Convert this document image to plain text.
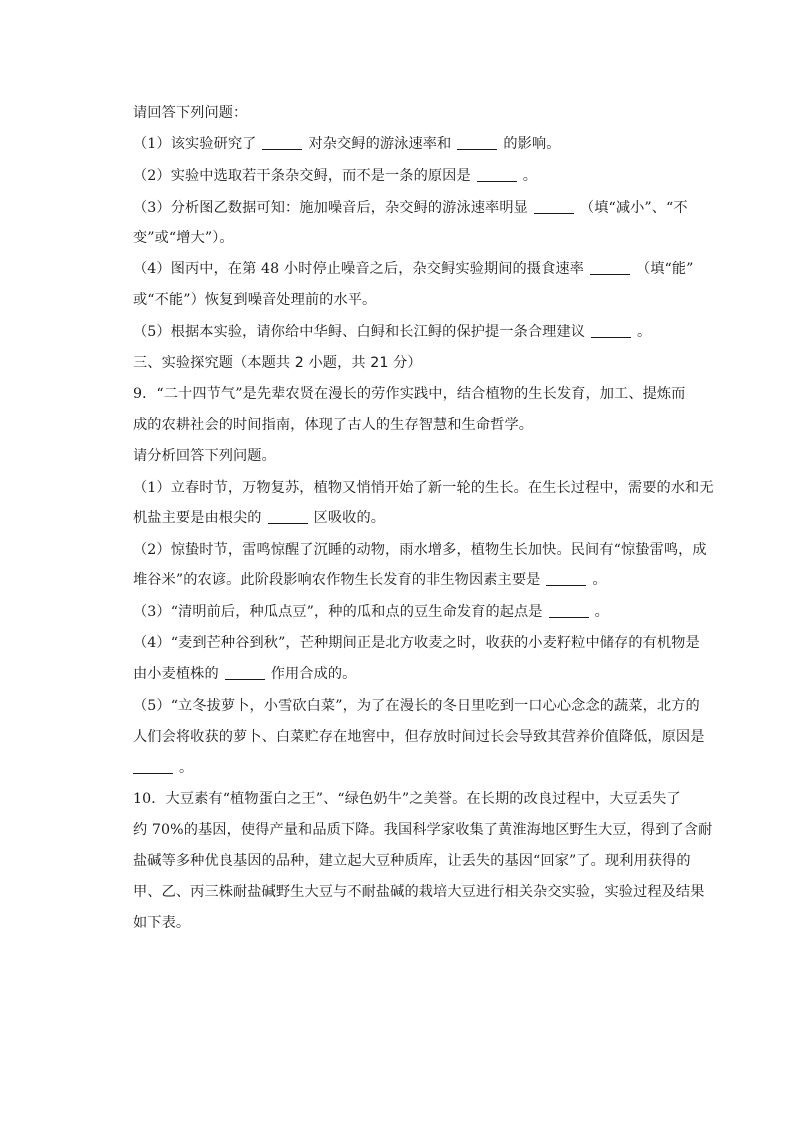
请回答下列问题：
（1）该实验研究了	对杂交鲟的游泳速率和	的影响。
（2）实验中选取若干条杂交鲟，而不是一条的原因是	。
（3）分析图乙数据可知：施加噪音后，杂交鲟的游泳速率明显	（填“减小”、“不
变”或“增大”）。
（4）图丙中，在第 48 小时停止噪音之后，杂交鲟实验期间的摄食速率	（填“能”
或“不能”）恢复到噪音处理前的水平。
（5）根据本实验，请你给中华鲟、白鲟和长江鲟的保护提一条合理建议	。
三、实验探究题（本题共 2 小题，共 21 分）
9．“二十四节气”是先辈农贤在漫长的劳作实践中，结合植物的生长发育，加工、提炼而
成的农耕社会的时间指南，体现了古人的生存智慧和生命哲学。
请分析回答下列问题。
（1）立春时节，万物复苏，植物又悄悄开始了新一轮的生长。在生长过程中，需要的水和无
机盐主要是由根尖的	区吸收的。
（2）惊蛰时节，雷鸣惊醒了沉睡的动物，雨水增多，植物生长加快。民间有“惊蛰雷鸣，成
堆谷米”的农谚。此阶段影响农作物生长发育的非生物因素主要是	。
（3）“清明前后，种瓜点豆”，种的瓜和点的豆生命发育的起点是	。
（4）“麦到芒种谷到秋”，芒种期间正是北方收麦之时，收获的小麦籽粒中储存的有机物是
由小麦植株的	作用合成的。
（5）“立冬拔萝卜，小雪砍白菜”，为了在漫长的冬日里吃到一口心心念念的蔬菜，北方的
人们会将收获的萝卜、白菜贮存在地窖中，但存放时间过长会导致其营养价值降低，原因是
。
10．大豆素有“植物蛋白之王”、“绿色奶牛”之美誉。在长期的改良过程中，大豆丢失了
约 70%的基因，使得产量和品质下降。我国科学家收集了黄淮海地区野生大豆，得到了含耐
盐碱等多种优良基因的品种，建立起大豆种质库，让丢失的基因“回家”了。现利用获得的
甲、乙、丙三株耐盐碱野生大豆与不耐盐碱的栽培大豆进行相关杂交实验，实验过程及结果
如下表。
